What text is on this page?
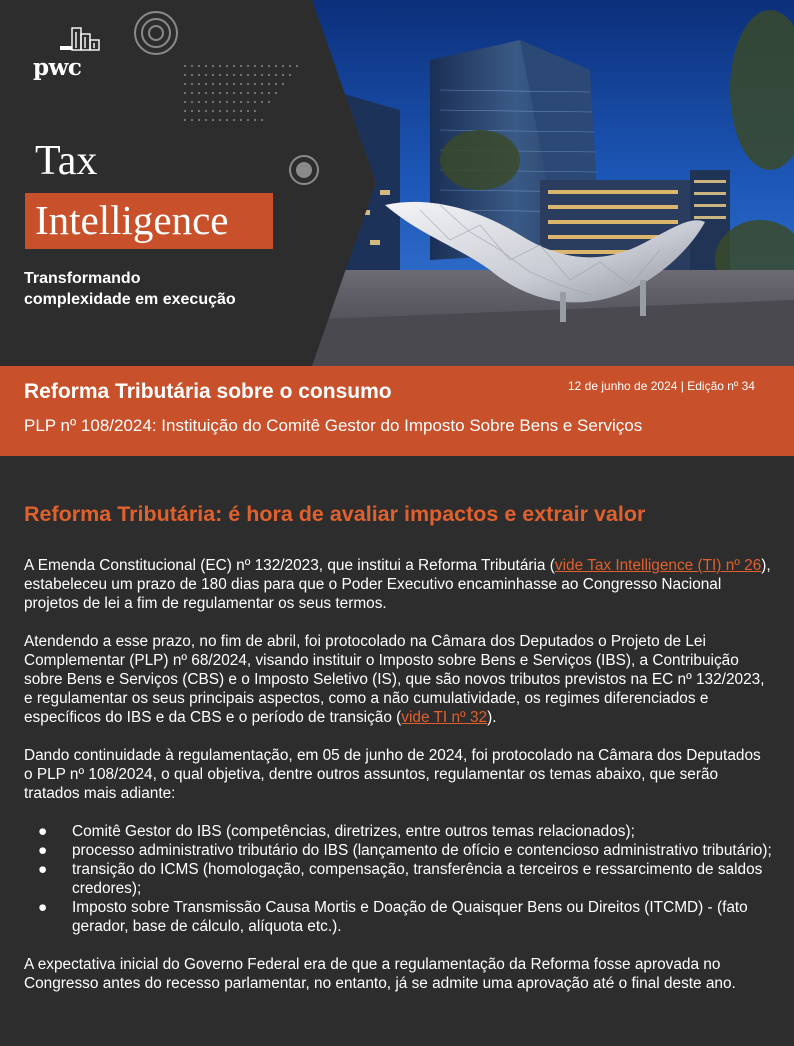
pwc
Tax
Intelligence
Transformando
complexidade em execução
Reforma Tributária sobre o consumo	12 de junho de 2024 | Edição nº 34
PLP nº 108/2024: Instituição do Comitê Gestor do Imposto Sobre Bens e Serviços
Reforma Tributária: é hora de avaliar impactos e extrair valor

A Emenda Constitucional (EC) nº 132/2023, que institui a Reforma Tributária (vide Tax Intelligence (TI) nº 26), estabeleceu um prazo de 180 dias para que o Poder Executivo encaminhasse ao Congresso Nacional projetos de lei a fim de regulamentar os seus termos.

Atendendo a esse prazo, no fim de abril, foi protocolado na Câmara dos Deputados o Projeto de Lei Complementar (PLP) nº 68/2024, visando instituir o Imposto sobre Bens e Serviços (IBS), a Contribuição sobre Bens e Serviços (CBS) e o Imposto Seletivo (IS), que são novos tributos previstos na EC nº 132/2023, e regulamentar os seus principais aspectos, como a não cumulatividade, os regimes diferenciados e específicos do IBS e da CBS e o período de transição (vide TI nº 32).

Dando continuidade à regulamentação, em 05 de junho de 2024, foi protocolado na Câmara dos Deputados o PLP nº 108/2024, o qual objetiva, dentre outros assuntos, regulamentar os temas abaixo, que serão tratados mais adiante:

● Comitê Gestor do IBS (competências, diretrizes, entre outros temas relacionados);
● processo administrativo tributário do IBS (lançamento de ofício e contencioso administrativo tributário);
● transição do ICMS (homologação, compensação, transferência a terceiros e ressarcimento de saldos credores);
● Imposto sobre Transmissão Causa Mortis e Doação de Quaisquer Bens ou Direitos (ITCMD) - (fato gerador, base de cálculo, alíquota etc.).

A expectativa inicial do Governo Federal era de que a regulamentação da Reforma fosse aprovada no Congresso antes do recesso parlamentar, no entanto, já se admite uma aprovação até o final deste ano.
